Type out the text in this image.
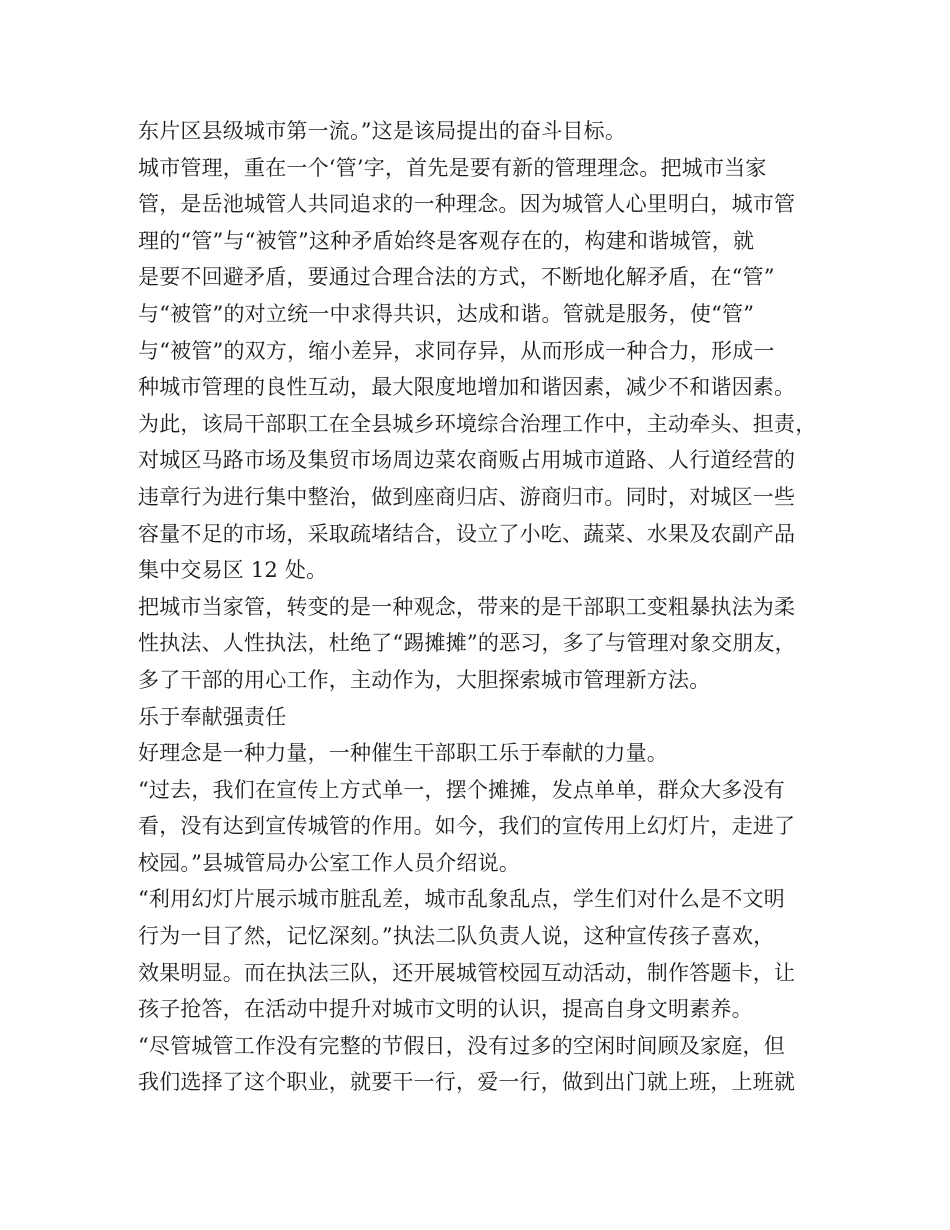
东片区县级城市第一流。”这是该局提出的奋斗目标。
城市管理，重在一个‘管’字，首先是要有新的管理理念。把城市当家
管，是岳池城管人共同追求的一种理念。因为城管人心里明白，城市管
理的“管”与“被管”这种矛盾始终是客观存在的，构建和谐城管，就
是要不回避矛盾，要通过合理合法的方式，不断地化解矛盾，在“管”
与“被管”的对立统一中求得共识，达成和谐。管就是服务，使“管”
与“被管”的双方，缩小差异，求同存异，从而形成一种合力，形成一
种城市管理的良性互动，最大限度地增加和谐因素，减少不和谐因素。
为此，该局干部职工在全县城乡环境综合治理工作中，主动牵头、担责，
对城区马路市场及集贸市场周边菜农商贩占用城市道路、人行道经营的
违章行为进行集中整治，做到座商归店、游商归市。同时，对城区一些
容量不足的市场，采取疏堵结合，设立了小吃、蔬菜、水果及农副产品
集中交易区 12 处。
把城市当家管，转变的是一种观念，带来的是干部职工变粗暴执法为柔
性执法、人性执法，杜绝了“踢摊摊”的恶习，多了与管理对象交朋友，
多了干部的用心工作，主动作为，大胆探索城市管理新方法。
乐于奉献强责任
好理念是一种力量，一种催生干部职工乐于奉献的力量。
“过去，我们在宣传上方式单一，摆个摊摊，发点单单，群众大多没有
看，没有达到宣传城管的作用。如今，我们的宣传用上幻灯片，走进了
校园。”县城管局办公室工作人员介绍说。
“利用幻灯片展示城市脏乱差，城市乱象乱点，学生们对什么是不文明
行为一目了然，记忆深刻。”执法二队负责人说，这种宣传孩子喜欢，
效果明显。而在执法三队，还开展城管校园互动活动，制作答题卡，让
孩子抢答，在活动中提升对城市文明的认识，提高自身文明素养。
“尽管城管工作没有完整的节假日，没有过多的空闲时间顾及家庭，但
我们选择了这个职业，就要干一行，爱一行，做到出门就上班，上班就
